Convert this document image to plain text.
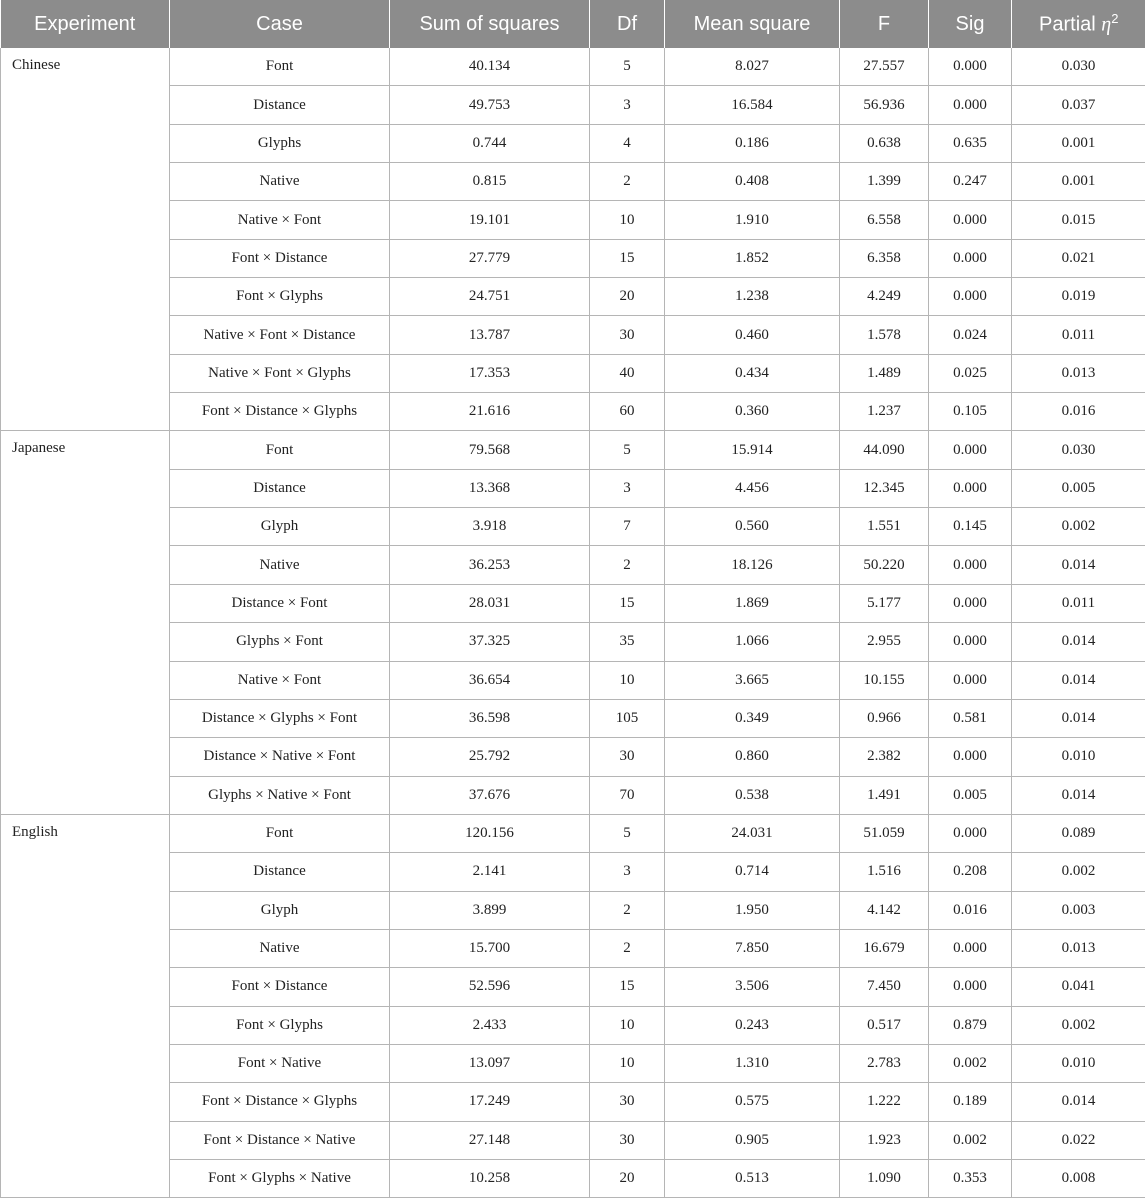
Experiment	Case	Sum of squares	Df	Mean square	F	Sig	Partial $\eta^2$
Chinese	Font	40.134	5	8.027	27.557	0.000	0.030
	Distance	49.753	3	16.584	56.936	0.000	0.037
	Glyphs	0.744	4	0.186	0.638	0.635	0.001
	Native	0.815	2	0.408	1.399	0.247	0.001
	Native × Font	19.101	10	1.910	6.558	0.000	0.015
	Font × Distance	27.779	15	1.852	6.358	0.000	0.021
	Font × Glyphs	24.751	20	1.238	4.249	0.000	0.019
	Native × Font × Distance	13.787	30	0.460	1.578	0.024	0.011
	Native × Font × Glyphs	17.353	40	0.434	1.489	0.025	0.013
	Font × Distance × Glyphs	21.616	60	0.360	1.237	0.105	0.016
Japanese	Font	79.568	5	15.914	44.090	0.000	0.030
	Distance	13.368	3	4.456	12.345	0.000	0.005
	Glyph	3.918	7	0.560	1.551	0.145	0.002
	Native	36.253	2	18.126	50.220	0.000	0.014
	Distance × Font	28.031	15	1.869	5.177	0.000	0.011
	Glyphs × Font	37.325	35	1.066	2.955	0.000	0.014
	Native × Font	36.654	10	3.665	10.155	0.000	0.014
	Distance × Glyphs × Font	36.598	105	0.349	0.966	0.581	0.014
	Distance × Native × Font	25.792	30	0.860	2.382	0.000	0.010
	Glyphs × Native × Font	37.676	70	0.538	1.491	0.005	0.014
English	Font	120.156	5	24.031	51.059	0.000	0.089
	Distance	2.141	3	0.714	1.516	0.208	0.002
	Glyph	3.899	2	1.950	4.142	0.016	0.003
	Native	15.700	2	7.850	16.679	0.000	0.013
	Font × Distance	52.596	15	3.506	7.450	0.000	0.041
	Font × Glyphs	2.433	10	0.243	0.517	0.879	0.002
	Font × Native	13.097	10	1.310	2.783	0.002	0.010
	Font × Distance × Glyphs	17.249	30	0.575	1.222	0.189	0.014
	Font × Distance × Native	27.148	30	0.905	1.923	0.002	0.022
	Font × Glyphs × Native	10.258	20	0.513	1.090	0.353	0.008
